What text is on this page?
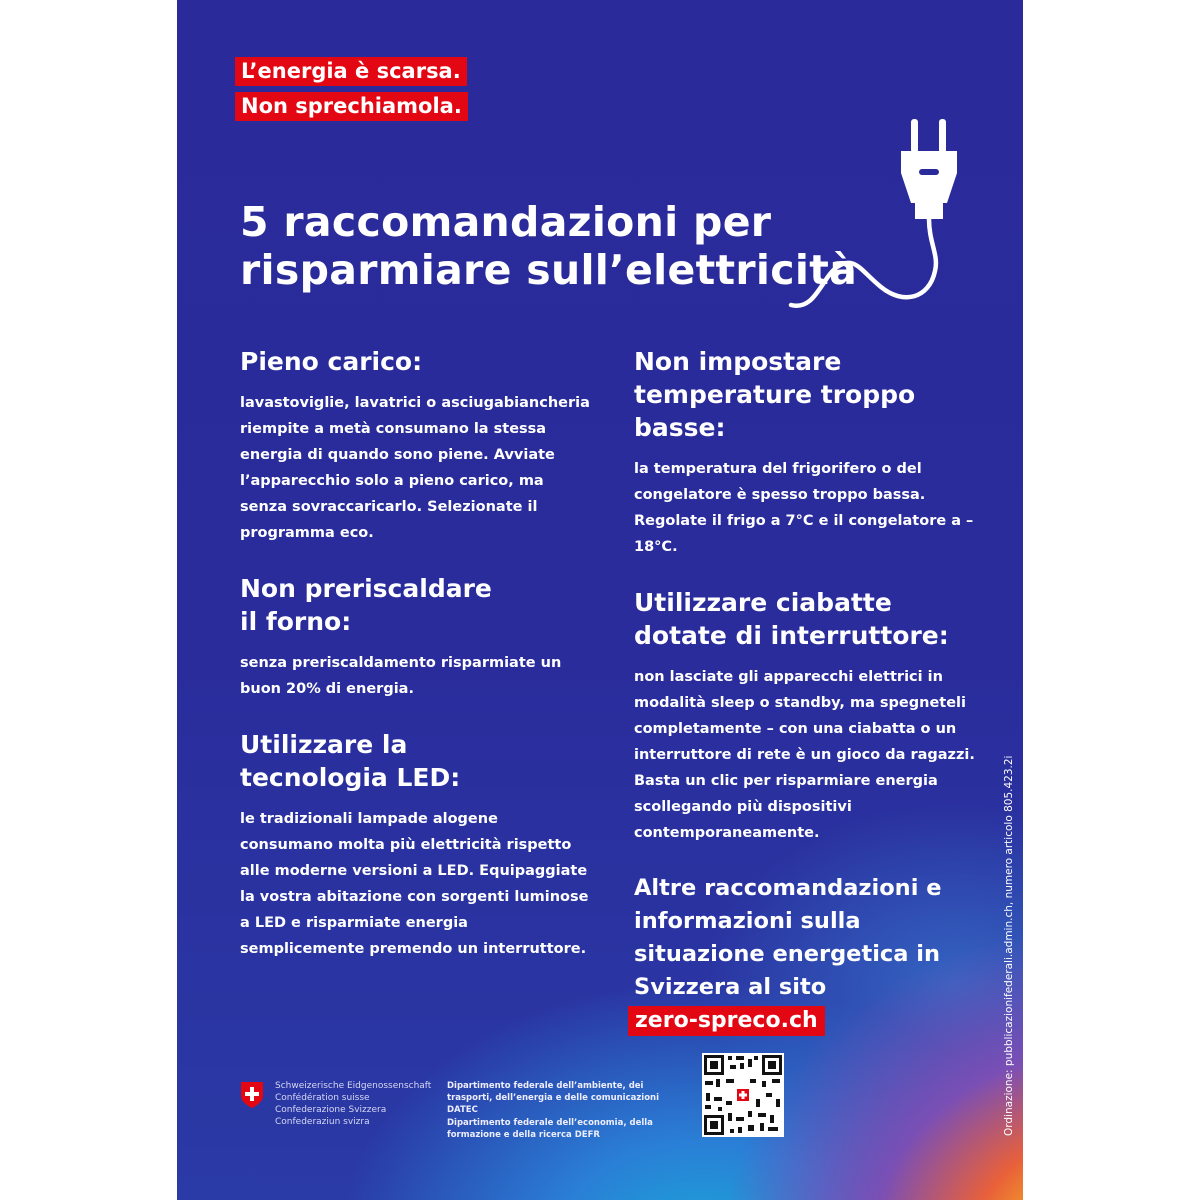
L’energia è scarsa.
Non sprechiamola.
5 raccomandazioni per
risparmiare sull’elettricità
Pieno carico:

lavastoviglie, lavatrici o asciugabiancheria riempite a metà consumano la stessa energia di quando sono piene. Avviate l’apparecchio solo a pieno carico, ma senza sovraccaricarlo. Selezionate il programma eco.

Non preriscaldare il forno:

senza preriscaldamento risparmiate un buon 20% di energia.

Utilizzare la tecnologia LED:

le tradizionali lampade alogene consumano molta più elettricità rispetto alle moderne versioni a LED. Equipaggiate la vostra abitazione con sorgenti luminose a LED e risparmiate energia semplicemente premendo un interruttore.

Non impostare temperature troppo basse:

la temperatura del frigorifero o del congelatore è spesso troppo bassa. Regolate il frigo a 7°C e il congelatore a –18°C.

Utilizzare ciabatte dotate di interruttore:

non lasciate gli apparecchi elettrici in modalità sleep o standby, ma spegneteli completamente – con una ciabatta o un interruttore di rete è un gioco da ragazzi. Basta un clic per risparmiare energia scollegando più dispositivi contemporaneamente.

Altre raccomandazioni e informazioni sulla situazione energetica in Svizzera al sito
zero-spreco.ch
Schweizerische Eidgenossenschaft
Confédération suisse
Confederazione Svizzera
Confederaziun svizra
Dipartimento federale dell’ambiente, dei trasporti, dell’energia e delle comunicazioni DATEC
Dipartimento federale dell’economia, della formazione e della ricerca DEFR	Ordinazione: pubblicazionifederali.admin.ch, numero articolo 805.423.2i
